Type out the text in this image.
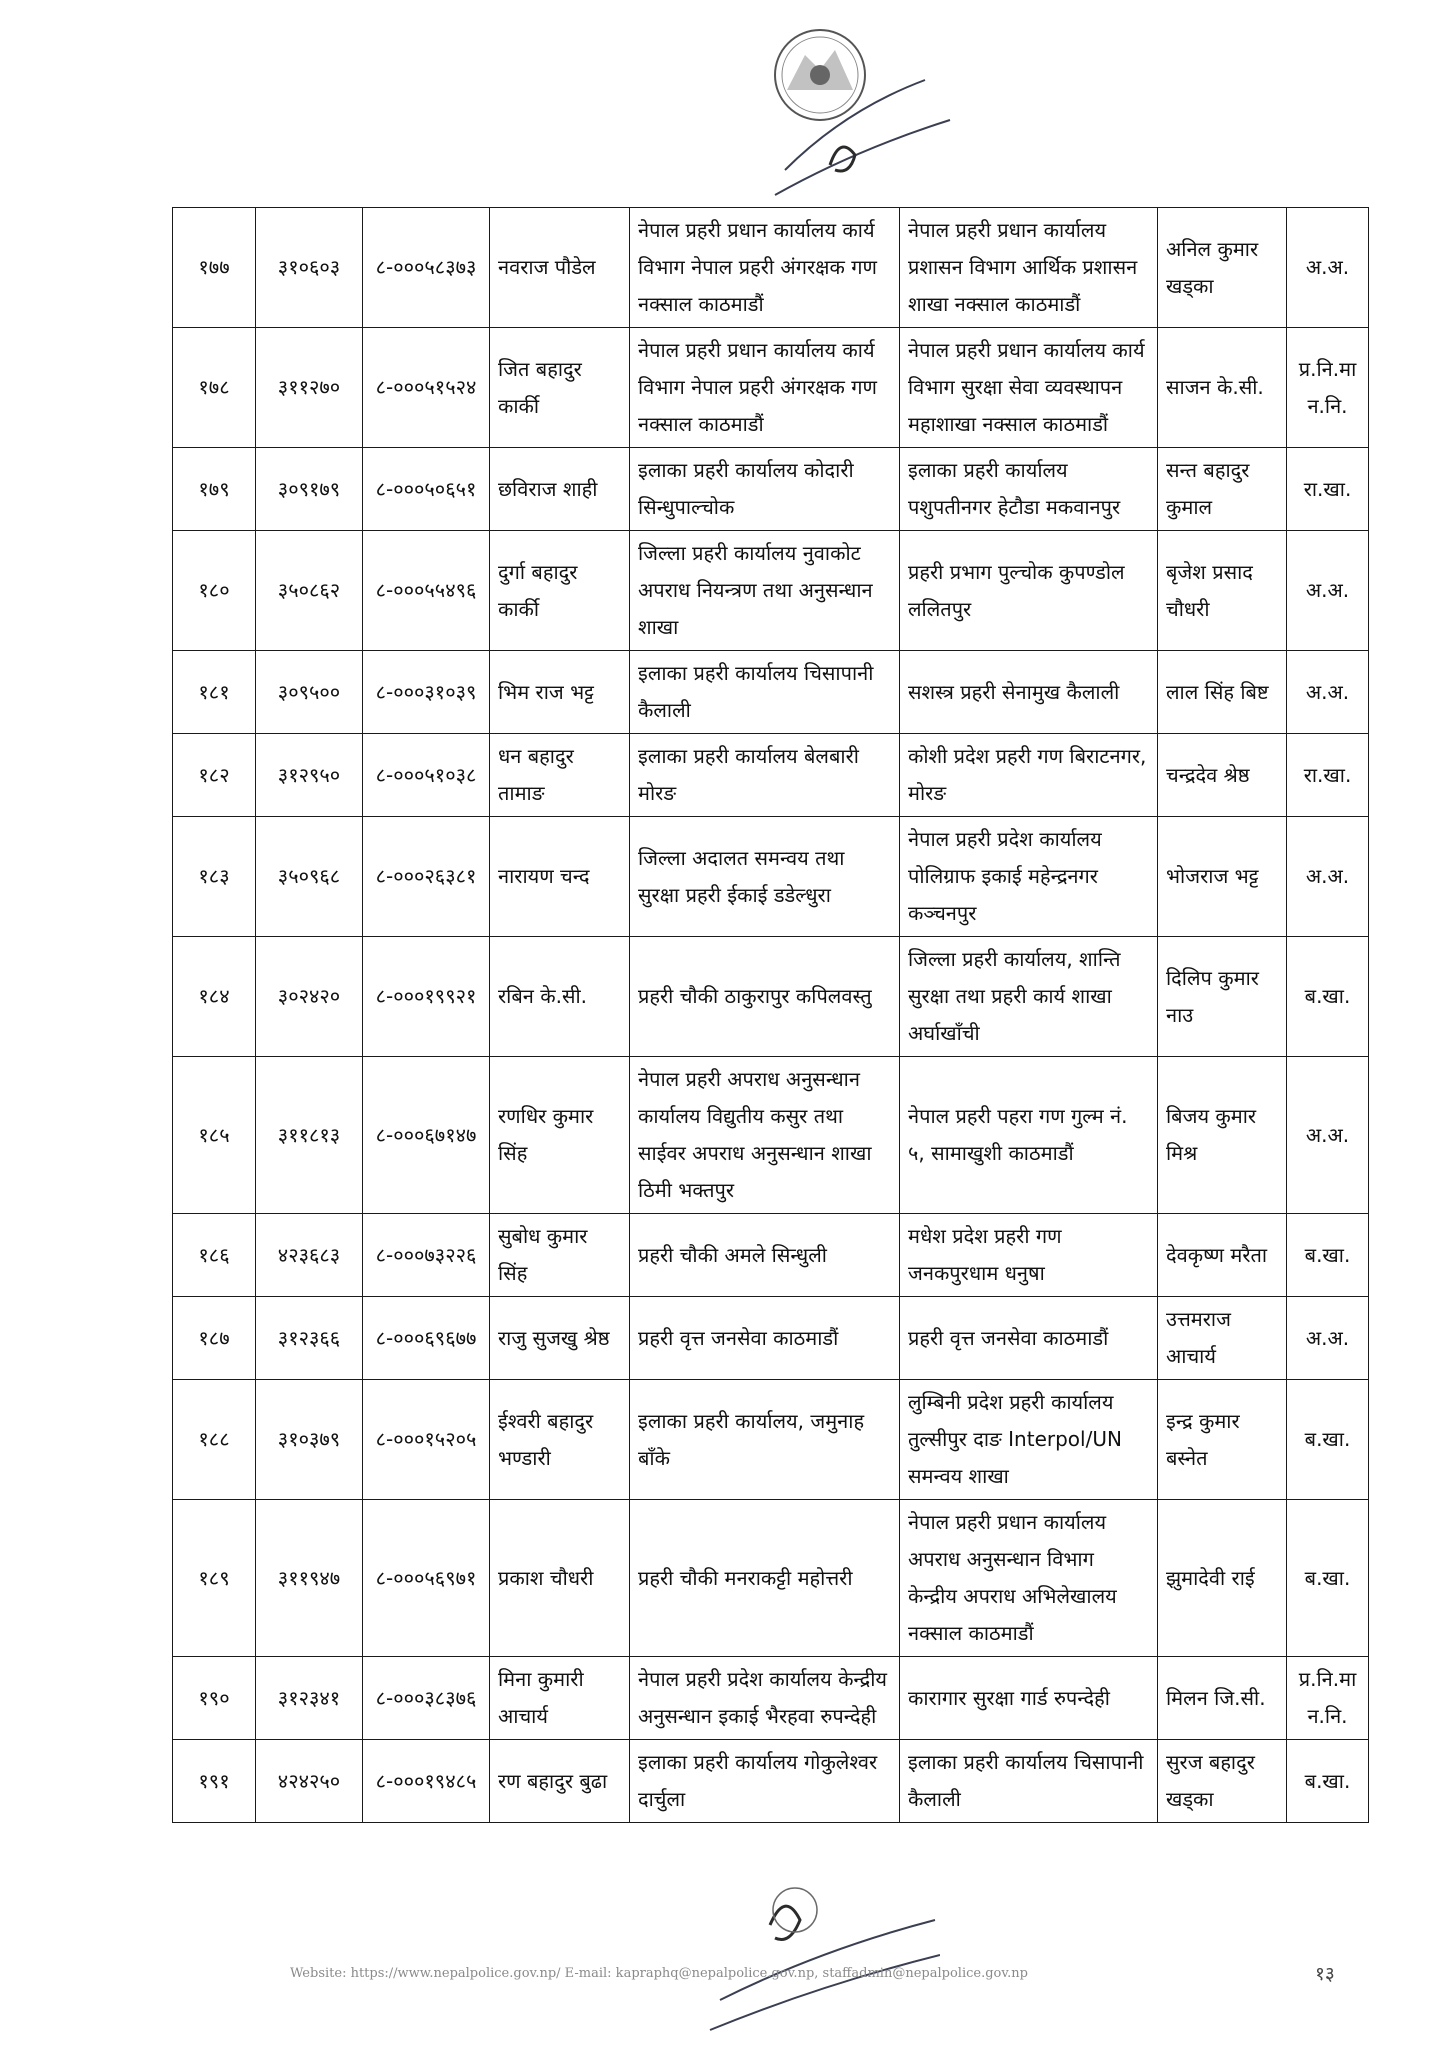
१७७	३१०६०३	८-०००५८३७३	नवराज पौडेल	नेपाल प्रहरी प्रधान कार्यालय कार्य विभाग नेपाल प्रहरी अंगरक्षक गण नक्साल काठमाडौं	नेपाल प्रहरी प्रधान कार्यालय प्रशासन विभाग आर्थिक प्रशासन शाखा नक्साल काठमाडौं	अनिल कुमार खड्का	अ.अ.
१७८	३११२७०	८-०००५१५२४	जित बहादुर कार्की	नेपाल प्रहरी प्रधान कार्यालय कार्य विभाग नेपाल प्रहरी अंगरक्षक गण नक्साल काठमाडौं	नेपाल प्रहरी प्रधान कार्यालय कार्य विभाग सुरक्षा सेवा व्यवस्थापन महाशाखा नक्साल काठमाडौं	साजन के.सी.	प्र.नि.मा न.नि.
१७९	३०९१७९	८-०००५०६५१	छविराज शाही	इलाका प्रहरी कार्यालय कोदारी सिन्धुपाल्चोक	इलाका प्रहरी कार्यालय पशुपतीनगर हेटौडा मकवानपुर	सन्त बहादुर कुमाल	रा.खा.
१८०	३५०८६२	८-०००५५४९६	दुर्गा बहादुर कार्की	जिल्ला प्रहरी कार्यालय नुवाकोट अपराध नियन्त्रण तथा अनुसन्धान शाखा	प्रहरी प्रभाग पुल्चोक कुपण्डोल ललितपुर	बृजेश प्रसाद चौधरी	अ.अ.
१८१	३०९५००	८-०००३१०३९	भिम राज भट्ट	इलाका प्रहरी कार्यालय चिसापानी कैलाली	सशस्त्र प्रहरी सेनामुख कैलाली	लाल सिंह बिष्ट	अ.अ.
१८२	३१२९५०	८-०००५१०३८	धन बहादुर तामाङ	इलाका प्रहरी कार्यालय बेलबारी मोरङ	कोशी प्रदेश प्रहरी गण बिराटनगर, मोरङ	चन्द्रदेव श्रेष्ठ	रा.खा.
१८३	३५०९६८	८-०००२६३८१	नारायण चन्द	जिल्ला अदालत समन्वय तथा सुरक्षा प्रहरी ईकाई डडेल्धुरा	नेपाल प्रहरी प्रदेश कार्यालय पोलिग्राफ इकाई महेन्द्रनगर कञ्चनपुर	भोजराज भट्ट	अ.अ.
१८४	३०२४२०	८-०००१९९२१	रबिन के.सी.	प्रहरी चौकी ठाकुरापुर कपिलवस्तु	जिल्ला प्रहरी कार्यालय, शान्ति सुरक्षा तथा प्रहरी कार्य शाखा अर्घाखाँची	दिलिप कुमार नाउ	ब.खा.
१८५	३११८१३	८-०००६७१४७	रणधिर कुमार सिंह	नेपाल प्रहरी अपराध अनुसन्धान कार्यालय विद्युतीय कसुर तथा साईवर अपराध अनुसन्धान शाखा ठिमी भक्तपुर	नेपाल प्रहरी पहरा गण गुल्म नं. ५, सामाखुशी काठमाडौं	बिजय कुमार मिश्र	अ.अ.
१८६	४२३६८३	८-०००७३२२६	सुबोध कुमार सिंह	प्रहरी चौकी अमले सिन्धुली	मधेश प्रदेश प्रहरी गण जनकपुरधाम धनुषा	देवकृष्ण मरैता	ब.खा.
१८७	३१२३६६	८-०००६९६७७	राजु सुजखु श्रेष्ठ	प्रहरी वृत्त जनसेवा काठमाडौं	प्रहरी वृत्त जनसेवा काठमाडौं	उत्तमराज आचार्य	अ.अ.
१८८	३१०३७९	८-०००१५२०५	ईश्वरी बहादुर भण्डारी	इलाका प्रहरी कार्यालय, जमुनाह बाँके	लुम्बिनी प्रदेश प्रहरी कार्यालय तुल्सीपुर दाङ Interpol/UN समन्वय शाखा	इन्द्र कुमार बस्नेत	ब.खा.
१८९	३११९४७	८-०००५६९७१	प्रकाश चौधरी	प्रहरी चौकी मनराकट्टी महोत्तरी	नेपाल प्रहरी प्रधान कार्यालय अपराध अनुसन्धान विभाग केन्द्रीय अपराध अभिलेखालय नक्साल काठमाडौं	झुमादेवी राई	ब.खा.
१९०	३१२३४१	८-०००३८३७६	मिना कुमारी आचार्य	नेपाल प्रहरी प्रदेश कार्यालय केन्द्रीय अनुसन्धान इकाई भैरहवा रुपन्देही	कारागार सुरक्षा गार्ड रुपन्देही	मिलन जि.सी.	प्र.नि.मा न.नि.
१९१	४२४२५०	८-०००१९४८५	रण बहादुर बुढा	इलाका प्रहरी कार्यालय गोकुलेश्वर दार्चुला	इलाका प्रहरी कार्यालय चिसापानी कैलाली	सुरज बहादुर खड्का	ब.खा.
Website: https://www.nepalpolice.gov.np/ E-mail: kapraphq@nepalpolice.gov.np, staffadmin@nepalpolice.gov.np	१३
